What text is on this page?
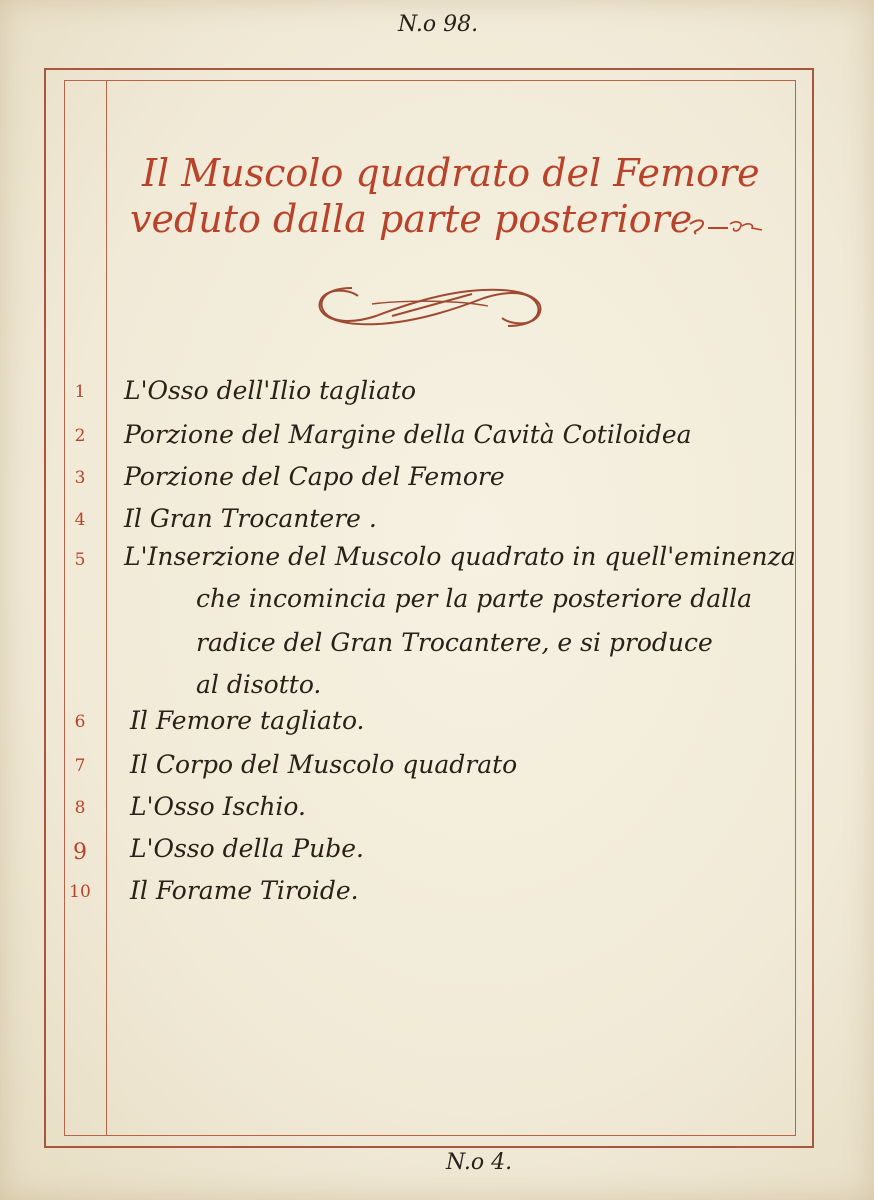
N.o 98.
Il Muscolo quadrato del Femore
veduto dalla parte posteriore
1	L'Osso dell'Ilio tagliato
2	Porzione del Margine della Cavità Cotiloidea
3	Porzione del Capo del Femore
4	Il Gran Trocantere .
5	L'Inserzione del Muscolo quadrato in quell'eminenza
che incomincia per la parte posteriore dalla
radice del Gran Trocantere, e si produce
al disotto.
6	Il Femore tagliato.
7	Il Corpo del Muscolo quadrato
8	L'Osso Ischio.
9	L'Osso della Pube.
10	Il Forame Tiroide.
N.o 4.
